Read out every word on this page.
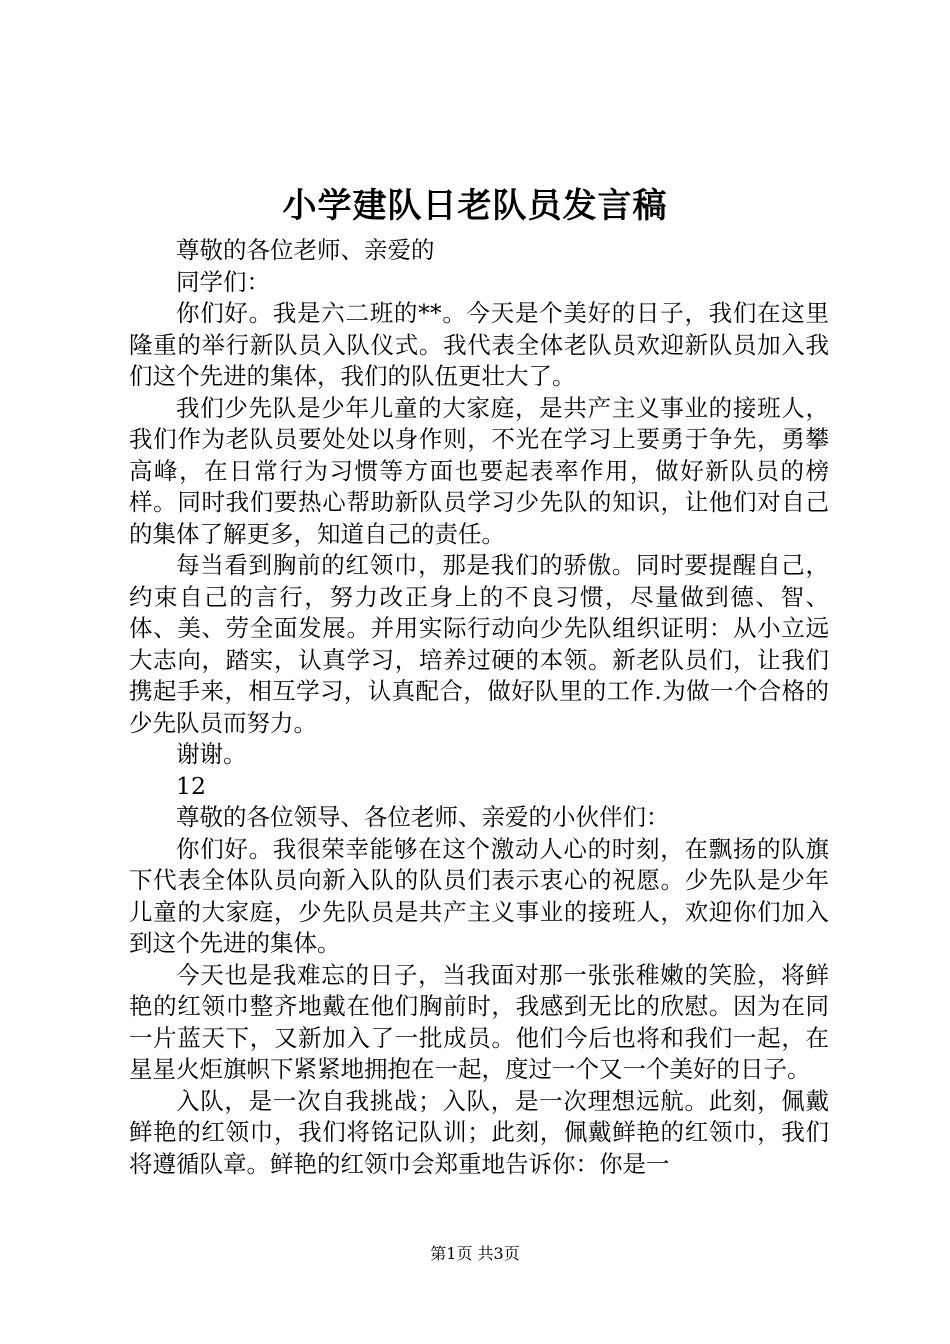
小学建队日老队员发言稿

尊敬的各位老师、亲爱的

同学们：

你们好。我是六二班的**。今天是个美好的日子，我们在这里隆重的举行新队员入队仪式。我代表全体老队员欢迎新队员加入我们这个先进的集体，我们的队伍更壮大了。

我们少先队是少年儿童的大家庭，是共产主义事业的接班人，我们作为老队员要处处以身作则，不光在学习上要勇于争先，勇攀高峰，在日常行为习惯等方面也要起表率作用，做好新队员的榜样。同时我们要热心帮助新队员学习少先队的知识，让他们对自己的集体了解更多，知道自己的责任。

每当看到胸前的红领巾，那是我们的骄傲。同时要提醒自己，约束自己的言行，努力改正身上的不良习惯，尽量做到德、智、体、美、劳全面发展。并用实际行动向少先队组织证明：从小立远大志向，踏实，认真学习，培养过硬的本领。新老队员们，让我们携起手来，相互学习，认真配合，做好队里的工作.为做一个合格的少先队员而努力。

谢谢。

12

尊敬的各位领导、各位老师、亲爱的小伙伴们：

你们好。我很荣幸能够在这个激动人心的时刻，在飘扬的队旗下代表全体队员向新入队的队员们表示衷心的祝愿。少先队是少年儿童的大家庭，少先队员是共产主义事业的接班人，欢迎你们加入到这个先进的集体。

今天也是我难忘的日子，当我面对那一张张稚嫩的笑脸，将鲜艳的红领巾整齐地戴在他们胸前时，我感到无比的欣慰。因为在同一片蓝天下，又新加入了一批成员。他们今后也将和我们一起，在星星火炬旗帜下紧紧地拥抱在一起，度过一个又一个美好的日子。

入队，是一次自我挑战；入队，是一次理想远航。此刻，佩戴鲜艳的红领巾，我们将铭记队训；此刻，佩戴鲜艳的红领巾，我们将遵循队章。鲜艳的红领巾会郑重地告诉你：你是一

第1页 共3页
